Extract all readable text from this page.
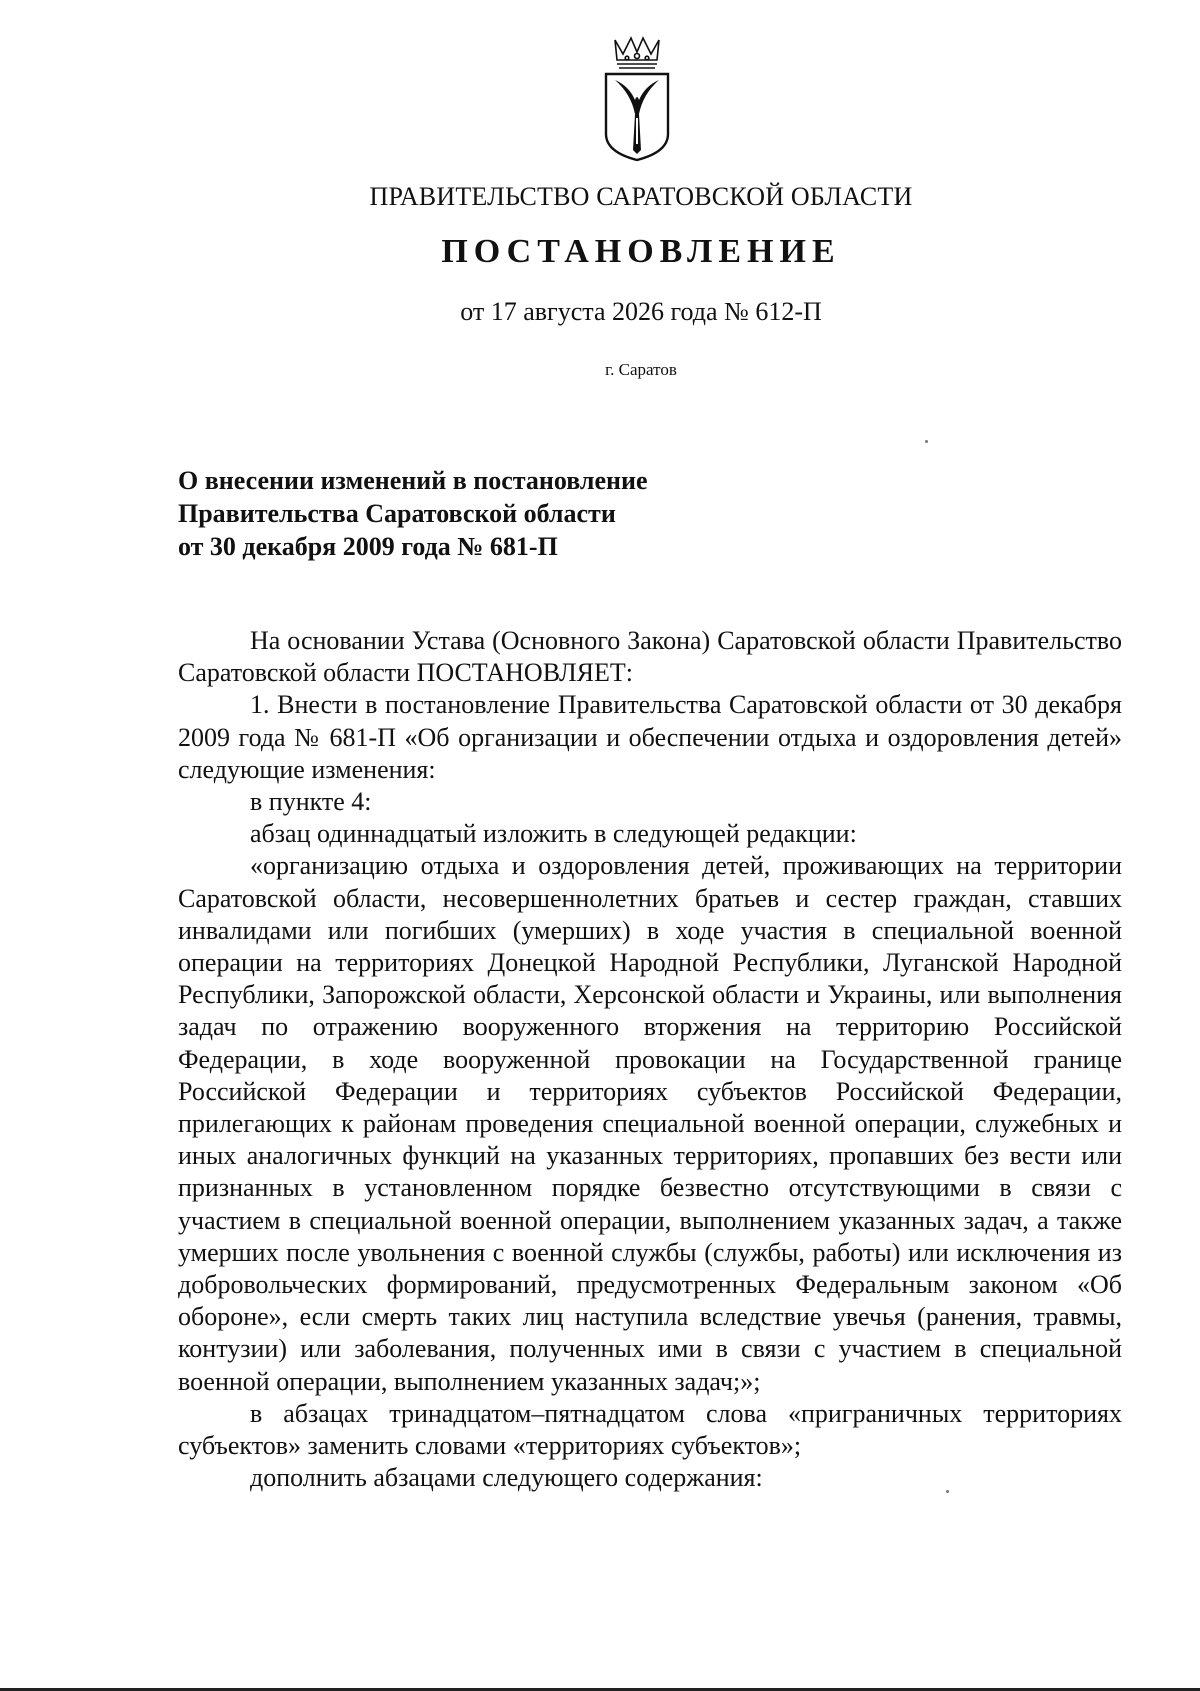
ПРАВИТЕЛЬСТВО САРАТОВСКОЙ ОБЛАСТИ
ПОСТАНОВЛЕНИЕ
от 17 августа 2026 года № 612-П
г. Саратов
О внесении изменений в постановление
Правительства Саратовской области
от 30 декабря 2009 года № 681-П

На основании Устава (Основного Закона) Саратовской области Правительство Саратовской области ПОСТАНОВЛЯЕТ:

1. Внести в постановление Правительства Саратовской области от 30 декабря 2009 года № 681-П «Об организации и обеспечении отдыха и оздоровления детей» следующие изменения:

в пункте 4:

абзац одиннадцатый изложить в следующей редакции:

«организацию отдыха и оздоровления детей, проживающих на территории Саратовской области, несовершеннолетних братьев и сестер граждан, ставших инвалидами или погибших (умерших) в ходе участия в специальной военной операции на территориях Донецкой Народной Республики, Луганской Народной Республики, Запорожской области, Херсонской области и Украины, или выполнения задач по отражению вооруженного вторжения на территорию Российской Федерации, в ходе вооруженной провокации на Государственной границе Российской Федерации и территориях субъектов Российской Федерации, прилегающих к районам проведения специальной военной операции, служебных и иных аналогичных функций на указанных территориях, пропавших без вести или признанных в установленном порядке безвестно отсутствующими в связи с участием в специальной военной операции, выполнением указанных задач, а также умерших после увольнения с военной службы (службы, работы) или исключения из добровольческих формирований, предусмотренных Федеральным законом «Об обороне», если смерть таких лиц наступила вследствие увечья (ранения, травмы, контузии) или заболевания, полученных ими в связи с участием в специальной военной операции, выполнением указанных задач;»;

в абзацах тринадцатом–пятнадцатом слова «приграничных территориях субъектов» заменить словами «территориях субъектов»;

дополнить абзацами следующего содержания:
